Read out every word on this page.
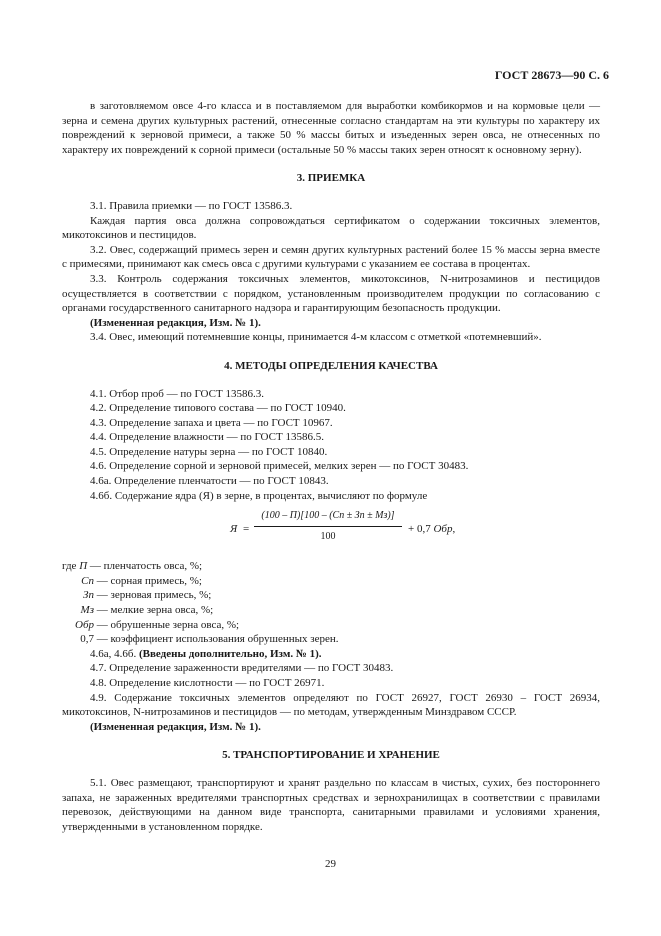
ГОСТ 28673—90 С. 6

в заготовляемом овсе 4-го класса и в поставляемом для выработки комбикормов и на кормовые цели — зерна и семена других культурных растений, отнесенные согласно стандартам на эти культуры по характеру их повреждений к зерновой примеси, а также 50 % массы битых и изъеденных зерен овса, не отнесенных по характеру их повреждений к сорной примеси (остальные 50 % массы таких зерен относят к основному зерну).

3. ПРИЕМКА

3.1. Правила приемки — по ГОСТ 13586.3.

Каждая партия овса должна сопровождаться сертификатом о содержании токсичных элементов, микотоксинов и пестицидов.

3.2. Овес, содержащий примесь зерен и семян других культурных растений более 15 % массы зерна вместе с примесями, принимают как смесь овса с другими культурами с указанием ее состава в процентах.

3.3. Контроль содержания токсичных элементов, микотоксинов, N-нитрозаминов и пестицидов осуществляется в соответствии с порядком, установленным производителем продукции по согласованию с органами государственного санитарного надзора и гарантирующим безопасность продукции.

(Измененная редакция, Изм. № 1).

3.4. Овес, имеющий потемневшие концы, принимается 4-м классом с отметкой «потемневший».

4. МЕТОДЫ ОПРЕДЕЛЕНИЯ КАЧЕСТВА

4.1. Отбор проб — по ГОСТ 13586.3.

4.2. Определение типового состава — по ГОСТ 10940.

4.3. Определение запаха и цвета — по ГОСТ 10967.

4.4. Определение влажности — по ГОСТ 13586.5.

4.5. Определение натуры зерна — по ГОСТ 10840.

4.6. Определение сорной и зерновой примесей, мелких зерен — по ГОСТ 30483.

4.6а. Определение пленчатости — по ГОСТ 10843.

4.6б. Содержание ядра (Я) в зерне, в процентах, вычисляют по формуле

Я =
(100 – П)[100 – (Cп ± Зп ± Мз)]
100
+ 0,7 Обр,
где П — пленчатость овса, %;
Сп — сорная примесь, %;
Зп — зерновая примесь, %;
Мз — мелкие зерна овса, %;
Обр — обрушенные зерна овса, %;
0,7 — коэффициент использования обрушенных зерен.

4.6а, 4.6б. (Введены дополнительно, Изм. № 1).

4.7. Определение зараженности вредителями — по ГОСТ 30483.

4.8. Определение кислотности — по ГОСТ 26971.

4.9. Содержание токсичных элементов определяют по ГОСТ 26927, ГОСТ 26930 – ГОСТ 26934, микотоксинов, N-нитрозаминов и пестицидов — по методам, утвержденным Минздравом СССР.

(Измененная редакция, Изм. № 1).

5. ТРАНСПОРТИРОВАНИЕ И ХРАНЕНИЕ

5.1. Овес размещают, транспортируют и хранят раздельно по классам в чистых, сухих, без постороннего запаха, не зараженных вредителями транспортных средствах и зернохранилищах в соответствии с правилами перевозок, действующими на данном виде транспорта, санитарными правилами и условиями хранения, утвержденными в установленном порядке.

29
